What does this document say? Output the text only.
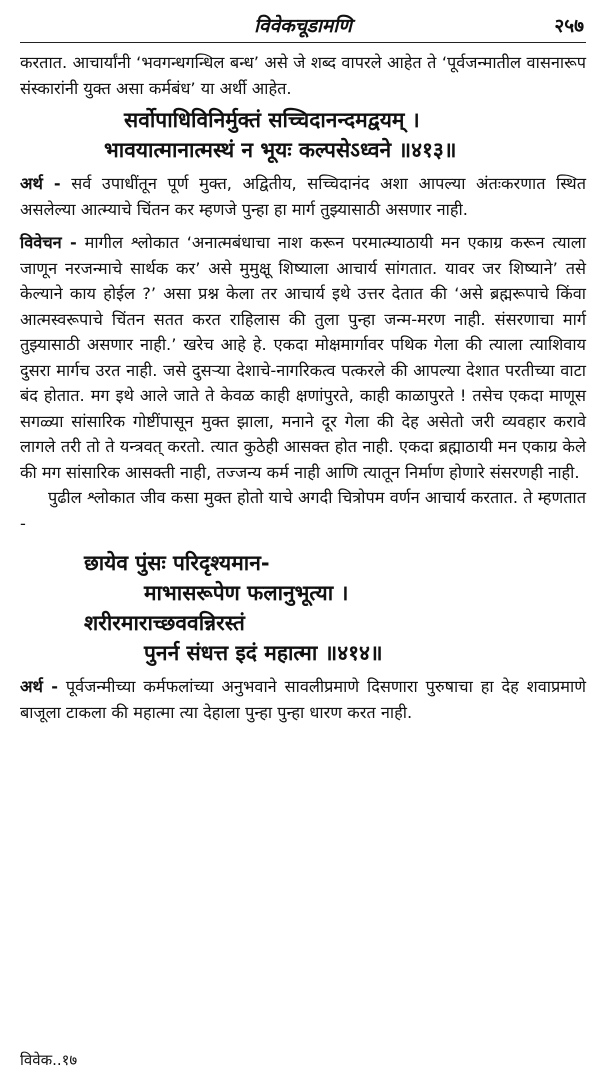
विवेकचूडामणि	२५७

करतात. आचार्यांनी ‘भवगन्धगन्धिल बन्ध’ असे जे शब्द वापरले आहेत ते ‘पूर्वजन्मातील वासनारूप संस्कारांनी युक्त असा कर्मबंध’ या अर्थी आहेत.

सर्वोपाधिविनिर्मुक्तं सच्चिदानन्दमद्वयम् ।
भावयात्मानात्मस्थं न भूयः कल्पसेऽध्वने ॥४१३॥

अर्थ - सर्व उपाधींतून पूर्ण मुक्त, अद्वितीय, सच्चिदानंद अशा आपल्या अंतःकरणात स्थित असलेल्या आत्म्याचे चिंतन कर म्हणजे पुन्हा हा मार्ग तुझ्यासाठी असणार नाही.

विवेचन - मागील श्लोकात ‘अनात्मबंधाचा नाश करून परमात्म्याठायी मन एकाग्र करून त्याला जाणून नरजन्माचे सार्थक कर’ असे मुमुक्षू शिष्याला आचार्य सांगतात. यावर जर शिष्याने’ तसे केल्याने काय होईल ?’ असा प्रश्न केला तर आचार्य इथे उत्तर देतात की ‘असे ब्रह्मरूपाचे किंवा आत्मस्वरूपाचे चिंतन सतत करत राहिलास की तुला पुन्हा जन्म-मरण नाही. संसरणाचा मार्ग तुझ्यासाठी असणार नाही.’ खरेच आहे हे. एकदा मोक्षमार्गावर पथिक गेला की त्याला त्याशिवाय दुसरा मार्गच उरत नाही. जसे दुसऱ्या देशाचे-नागरिकत्व पत्करले की आपल्या देशात परतीच्या वाटा बंद होतात. मग इथे आले जाते ते केवळ काही क्षणांपुरते, काही काळापुरते ! तसेच एकदा माणूस सगळ्या सांसारिक गोष्टींपासून मुक्त झाला, मनाने दूर गेला की देह असेतो जरी व्यवहार करावे लागले तरी तो ते यन्त्रवत् करतो. त्यात कुठेही आसक्त होत नाही. एकदा ब्रह्माठायी मन एकाग्र केले की मग सांसारिक आसक्ती नाही, तज्जन्य कर्म नाही आणि त्यातून निर्माण होणारे संसरणही नाही.

पुढील श्लोकात जीव कसा मुक्त होतो याचे अगदी चित्रोपम वर्णन आचार्य करतात. ते म्हणतात -

छायेव पुंसः परिदृश्यमान-
माभासरूपेण फलानुभूत्या ।
शरीरमाराच्छववन्निरस्तं
पुनर्न संधत्त इदं महात्मा ॥४१४॥

अर्थ - पूर्वजन्मीच्या कर्मफलांच्या अनुभवाने सावलीप्रमाणे दिसणारा पुरुषाचा हा देह शवाप्रमाणे बाजूला टाकला की महात्मा त्या देहाला पुन्हा पुन्हा धारण करत नाही.

विवेक..१७
